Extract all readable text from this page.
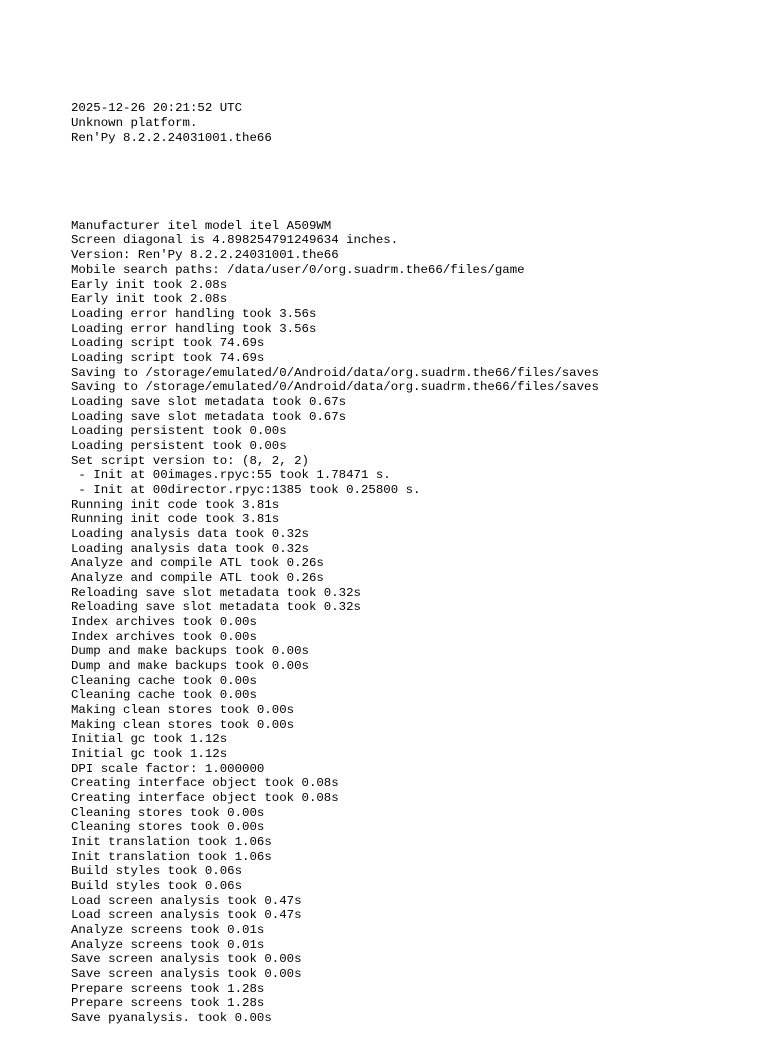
2025-12-26 20:21:52 UTC
Unknown platform.
Ren'Py 8.2.2.24031001.the66

Manufacturer itel model itel A509WM
Screen diagonal is 4.898254791249634 inches.
Version: Ren'Py 8.2.2.24031001.the66
Mobile search paths: /data/user/0/org.suadrm.the66/files/game
Early init took 2.08s
Early init took 2.08s
Loading error handling took 3.56s
Loading error handling took 3.56s
Loading script took 74.69s
Loading script took 74.69s
Saving to /storage/emulated/0/Android/data/org.suadrm.the66/files/saves
Saving to /storage/emulated/0/Android/data/org.suadrm.the66/files/saves
Loading save slot metadata took 0.67s
Loading save slot metadata took 0.67s
Loading persistent took 0.00s
Loading persistent took 0.00s
Set script version to: (8, 2, 2)
- Init at 00images.rpyc:55 took 1.78471 s.
- Init at 00director.rpyc:1385 took 0.25800 s.
Running init code took 3.81s
Running init code took 3.81s
Loading analysis data took 0.32s
Loading analysis data took 0.32s
Analyze and compile ATL took 0.26s
Analyze and compile ATL took 0.26s
Reloading save slot metadata took 0.32s
Reloading save slot metadata took 0.32s
Index archives took 0.00s
Index archives took 0.00s
Dump and make backups took 0.00s
Dump and make backups took 0.00s
Cleaning cache took 0.00s
Cleaning cache took 0.00s
Making clean stores took 0.00s
Making clean stores took 0.00s
Initial gc took 1.12s
Initial gc took 1.12s
DPI scale factor: 1.000000
Creating interface object took 0.08s
Creating interface object took 0.08s
Cleaning stores took 0.00s
Cleaning stores took 0.00s
Init translation took 1.06s
Init translation took 1.06s
Build styles took 0.06s
Build styles took 0.06s
Load screen analysis took 0.47s
Load screen analysis took 0.47s
Analyze screens took 0.01s
Analyze screens took 0.01s
Save screen analysis took 0.00s
Save screen analysis took 0.00s
Prepare screens took 1.28s
Prepare screens took 1.28s
Save pyanalysis. took 0.00s
